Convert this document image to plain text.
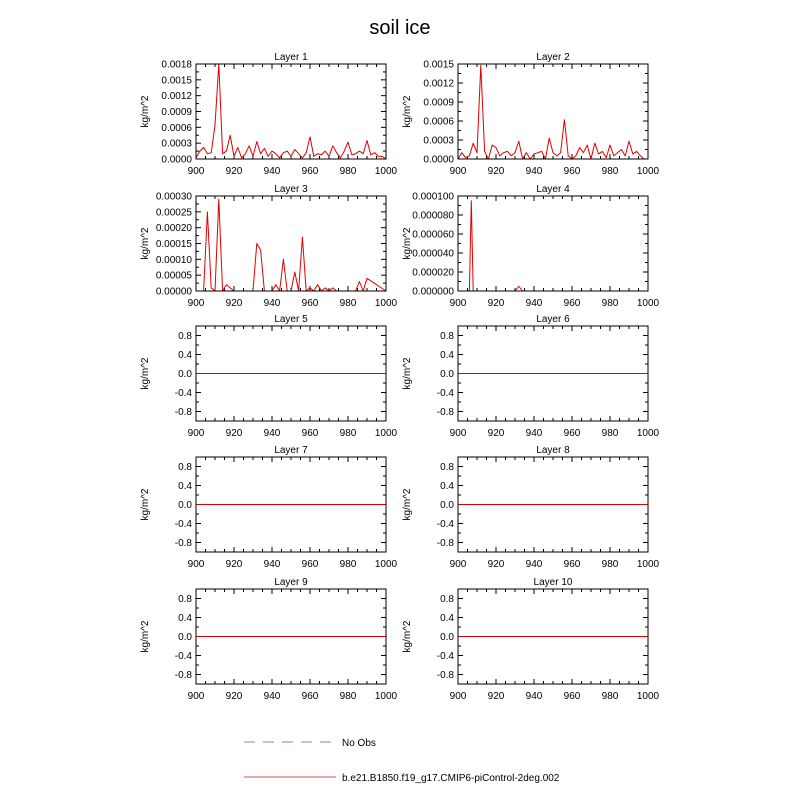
soil ice
Layer 1
kg/m^2
900 920 940 960 980 1000
0.0000
0.0003
0.0006
0.0009
0.0012
0.0015
0.0018
Layer 2
kg/m^2
900 920 940 960 980 1000
0.0000
0.0003
0.0006
0.0009
0.0012
0.0015
Layer 3
kg/m^2
900 920 940 960 980 1000
0.00000
0.00005
0.00010
0.00015
0.00020
0.00025
0.00030
Layer 4
kg/m^2
900 920 940 960 980 1000
0.000000
0.000020
0.000040
0.000060
0.000080
0.000100
Layer 5
kg/m^2
900 920 940 960 980 1000
-0.8
-0.4
0.0
0.4
0.8
Layer 6
kg/m^2
900 920 940 960 980 1000
-0.8
-0.4
0.0
0.4
0.8
Layer 7
kg/m^2
900 920 940 960 980 1000
-0.8
-0.4
0.0
0.4
0.8
Layer 8
kg/m^2
900 920 940 960 980 1000
-0.8
-0.4
0.0
0.4
0.8
Layer 9
kg/m^2
900 920 940 960 980 1000
-0.8
-0.4
0.0
0.4
0.8
Layer 10
kg/m^2
900 920 940 960 980 1000
-0.8
-0.4
0.0
0.4
0.8
No Obs
b.e21.B1850.f19_g17.CMIP6-piControl-2deg.002
